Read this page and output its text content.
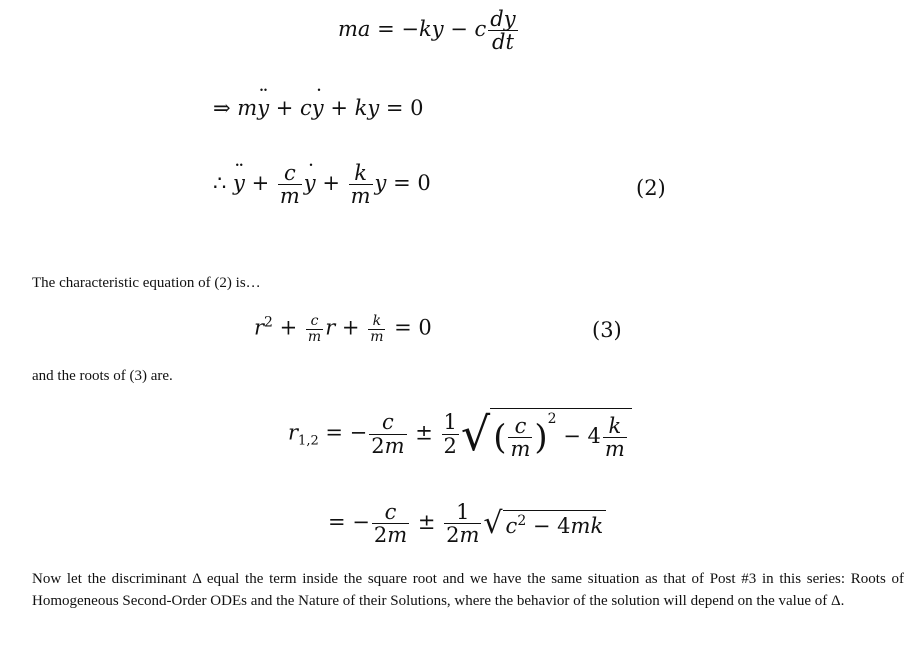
ma = −ky − c $\frac{dy}{dt}$
⇒ m¨ y + c˙ y + ky = 0
∴ ¨ $y + \frac{c}{m}$
˙ $y + \frac{k}{m}$ y = 0	(2)
The characteristic equation of (2) is…
$r^2 + \frac{c}{m}$ $r + \frac{k}{m} = 0$	(3)
and the roots of (3) are.
$r_{1,2}$ = − $\frac{c}{2m} \pm \frac{1}{2}$ √( $\frac{c}{m} )^2 - 4 \frac{k}{m}$
= − $\frac{c}{2m} \pm \frac{1}{2m}$ √ $c^2 - 4mk$
Now let the discriminant Δ equal the term inside the square root and we have the same situation as that of Post #3 in this series: Roots of Homogeneous Second-Order ODEs and the Nature of their Solutions, where the behavior of the solution will depend on the value of Δ.
